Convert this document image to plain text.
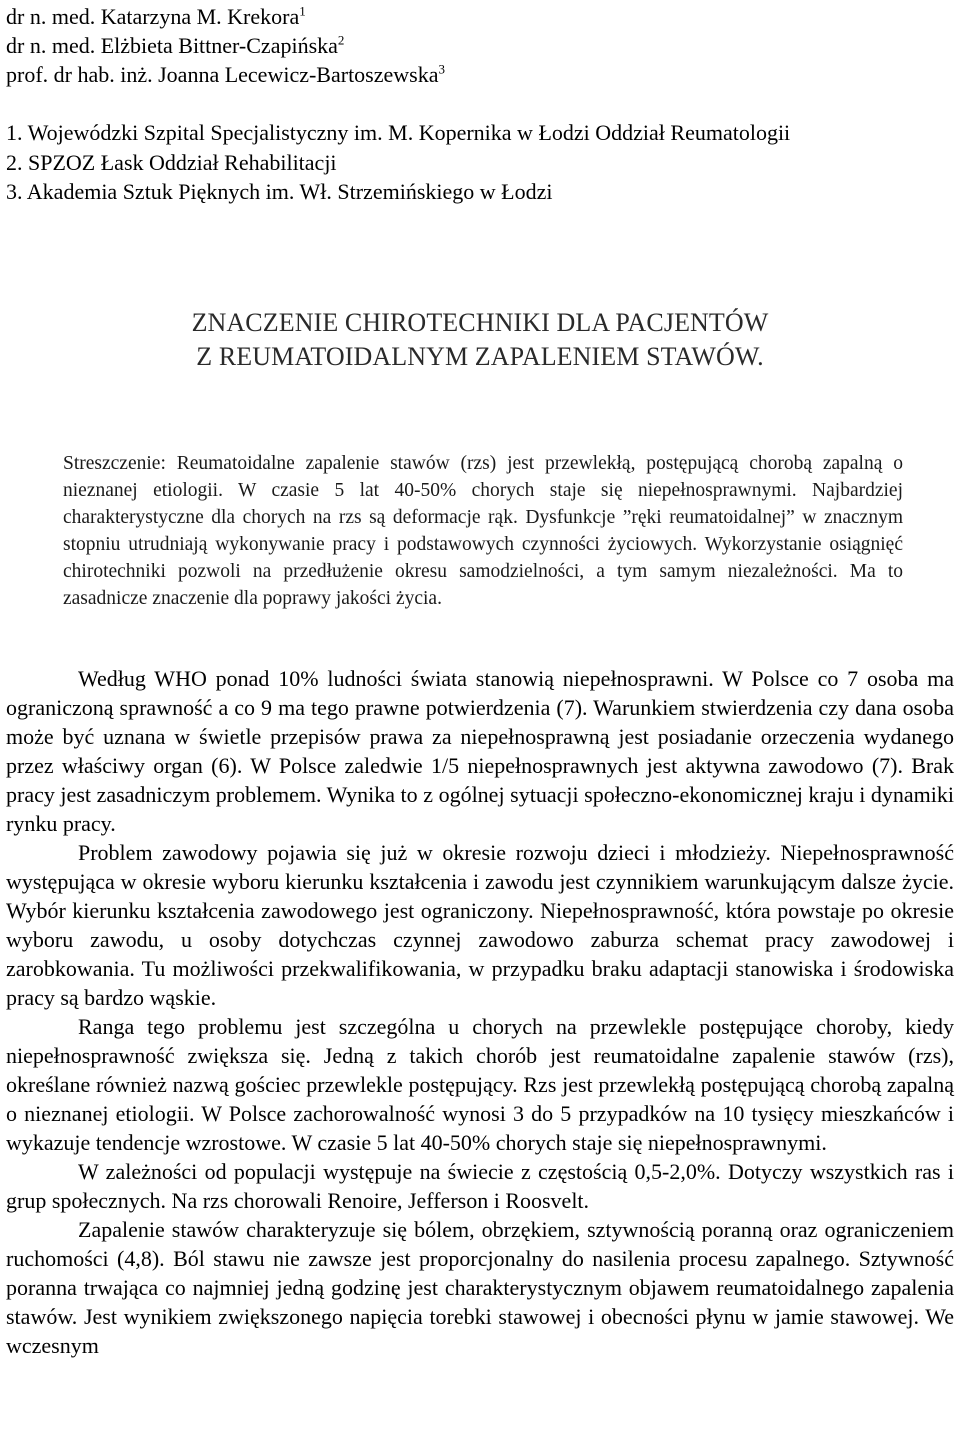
dr n. med. Katarzyna M. Krekora$^1$
dr n. med. Elżbieta Bittner-Czapińska$^2$
prof. dr hab. inż. Joanna Lecewicz-Bartoszewska$^3$
1. Wojewódzki Szpital Specjalistyczny im. M. Kopernika w Łodzi Oddział Reumatologii
2. SPZOZ Łask Oddział Rehabilitacji
3. Akademia Sztuk Pięknych im. Wł. Strzemińskiego w Łodzi
ZNACZENIE CHIROTECHNIKI DLA PACJENTÓW
Z REUMATOIDALNYM ZAPALENIEM STAWÓW.
Streszczenie: Reumatoidalne zapalenie stawów (rzs) jest przewlekłą, postępującą chorobą zapalną o nieznanej etiologii. W czasie 5 lat 40-50% chorych staje się niepełnosprawnymi. Najbardziej charakterystyczne dla chorych na rzs są deformacje rąk. Dysfunkcje ”ręki reumatoidalnej” w znacznym stopniu utrudniają wykonywanie pracy i podstawowych czynności życiowych. Wykorzystanie osiągnięć chirotechniki pozwoli na przedłużenie okresu samodzielności, a tym samym niezależności. Ma to zasadnicze znaczenie dla poprawy jakości życia.

Według WHO ponad 10% ludności świata stanowią niepełnosprawni. W Polsce co 7 osoba ma ograniczoną sprawność a co 9 ma tego prawne potwierdzenia (7). Warunkiem stwierdzenia czy dana osoba może być uznana w świetle przepisów prawa za niepełnosprawną jest posiadanie orzeczenia wydanego przez właściwy organ (6). W Polsce zaledwie 1/5 niepełnosprawnych jest aktywna zawodowo (7). Brak pracy jest zasadniczym problemem. Wynika to z ogólnej sytuacji społeczno-ekonomicznej kraju i dynamiki rynku pracy.

Problem zawodowy pojawia się już w okresie rozwoju dzieci i młodzieży. Niepełnosprawność występująca w okresie wyboru kierunku kształcenia i zawodu jest czynnikiem warunkującym dalsze życie. Wybór kierunku kształcenia zawodowego jest ograniczony. Niepełnosprawność, która powstaje po okresie wyboru zawodu, u osoby dotychczas czynnej zawodowo zaburza schemat pracy zawodowej i zarobkowania. Tu możliwości przekwalifikowania, w przypadku braku adaptacji stanowiska i środowiska pracy są bardzo wąskie.

Ranga tego problemu jest szczególna u chorych na przewlekle postępujące choroby, kiedy niepełnosprawność zwiększa się. Jedną z takich chorób jest reumatoidalne zapalenie stawów (rzs), określane również nazwą gościec przewlekle postępujący. Rzs jest przewlekłą postępującą chorobą zapalną o nieznanej etiologii. W Polsce zachorowalność wynosi 3 do 5 przypadków na 10 tysięcy mieszkańców i wykazuje tendencje wzrostowe. W czasie 5 lat 40-50% chorych staje się niepełnosprawnymi.

W zależności od populacji występuje na świecie z częstością 0,5-2,0%. Dotyczy wszystkich ras i grup społecznych. Na rzs chorowali Renoire, Jefferson i Roosvelt.

Zapalenie stawów charakteryzuje się bólem, obrzękiem, sztywnością poranną oraz ograniczeniem ruchomości (4,8). Ból stawu nie zawsze jest proporcjonalny do nasilenia procesu zapalnego. Sztywność poranna trwająca co najmniej jedną godzinę jest charakterystycznym objawem reumatoidalnego zapalenia stawów. Jest wynikiem zwiększonego napięcia torebki stawowej i obecności płynu w jamie stawowej. We wczesnym
